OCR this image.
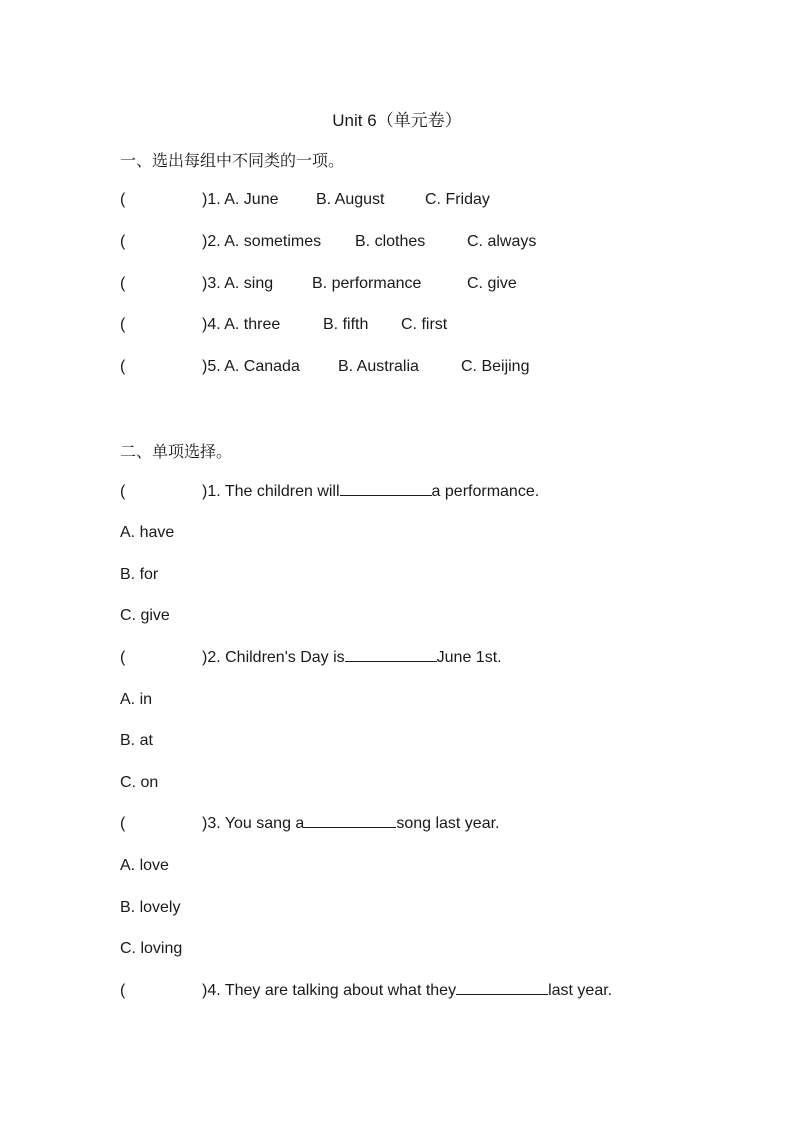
Unit 6（单元卷）
一、选出每组中不同类的一项。
(	)1. A. June B. August	C. Friday
(	)2. A. sometimes B. clothes	C. always
(	)3. A. sing B. performance	C. give
(	)4. A. three	B. fifth C. first
(	)5. A. Canada B. Australia	C. Beijing
二、单项选择。
(	)1. The children will	a performance.
A. have
B. for
C. give
(	)2. Children's Day is	June 1st.
A. in
B. at
C. on
(	)3. You sang a	song last year.
A. love
B. lovely
C. loving
(	)4. They are talking about what they	last year.
